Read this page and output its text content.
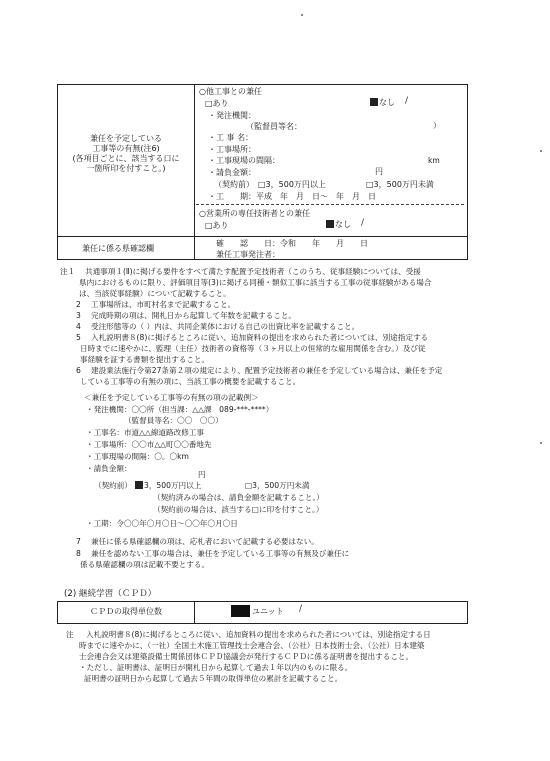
兼任を予定している
工事等の有無(注6)
(各項目ごとに、該当する口に
一箇所印を付すこと。)
○他工事との兼任
□あり	なし /
・発注機関：
（監督員等名：	）
・工 事 名：
・工事場所：
・工事現場の間隔：	km
・請負金額：	円
（契約前） □3，500万円以上	□3，500万円未満
・工　　期：平成　年　月　日〜　年　月　日
○営業所の専任技術者との兼任
□あり	なし /
兼任に係る県確認欄
確　　認　　日：令和　　年　　月　　日
兼任工事発注者：
注１ 共通事項１(Ⅱ)に掲げる要件をすべて満たす配置予定技術者（このうち、従事経験については、受援
県内におけるものに限り、評価項目等(3)に掲げる同種・類似工事に該当する工事の従事経験がある場合
は、当該従事経験）について記載すること。
2 工事場所は、市町村名まで記載すること。
3 完成時期の項は、開札日から起算して年数を記載すること。
4 受注形態等の（ ）内は、共同企業体における自己の出資比率を記載すること。
5 入札説明書８(8)に掲げるところに従い、追加資料の提出を求められた者については、別途指定する
日時までに速やかに、監理（主任）技術者の資格等（３ヶ月以上の恒常的な雇用関係を含む。）及び従
事経験を証する書類を提出すること。
6 建設業法施行令第27条第２項の規定により、配置予定技術者の兼任を予定している場合は、兼任を予定
している工事等の有無の項に、当該工事の概要を記載すること。
＜兼任を予定している工事等の有無の項の記載例＞
・発注機関：〇〇所（担当課：△△課　089-***-****）
（監督員等名：〇〇　〇〇）
・工事名：市道△△線道路改修工事
・工事場所：〇〇市△△町〇〇番地先
・工事現場の間隔：〇。〇km
・請負金額：
円
（契約前）	3，500万円以上	□3，500万円未満
（契約済みの場合は、請負金額を記載すること。）
（契約前の場合は、該当する□に印を付すこと。）
・工期：令〇〇年〇月〇日〜〇〇年〇月〇日
7 兼任に係る県確認欄の項は、応札者において記載する必要はない。
8 兼任を認めない工事の場合は、兼任を予定している工事等の有無及び兼任に
係る県確認欄の項は記載不要とする。
(2) 継続学習（ＣＰＤ）
ＣＰＤの取得単位数	ユニット /
注 入札説明書８(8)に掲げるところに従い、追加資料の提出を求められた者については、別途指定する日
時までに速やかに、（一社）全国土木施工管理技士会連合会、（公社）日本技術士会、（公社）日本建築
士会連合会又は建築設備士関係団体ＣＰＤ協議会が発行するＣＰＤに係る証明書を提出すること。
・ただし、証明書は、証明日が開札日から起算して過去１年以内のものに限る。
証明書の証明日から起算して過去５年間の取得単位の累計を記載すること。
